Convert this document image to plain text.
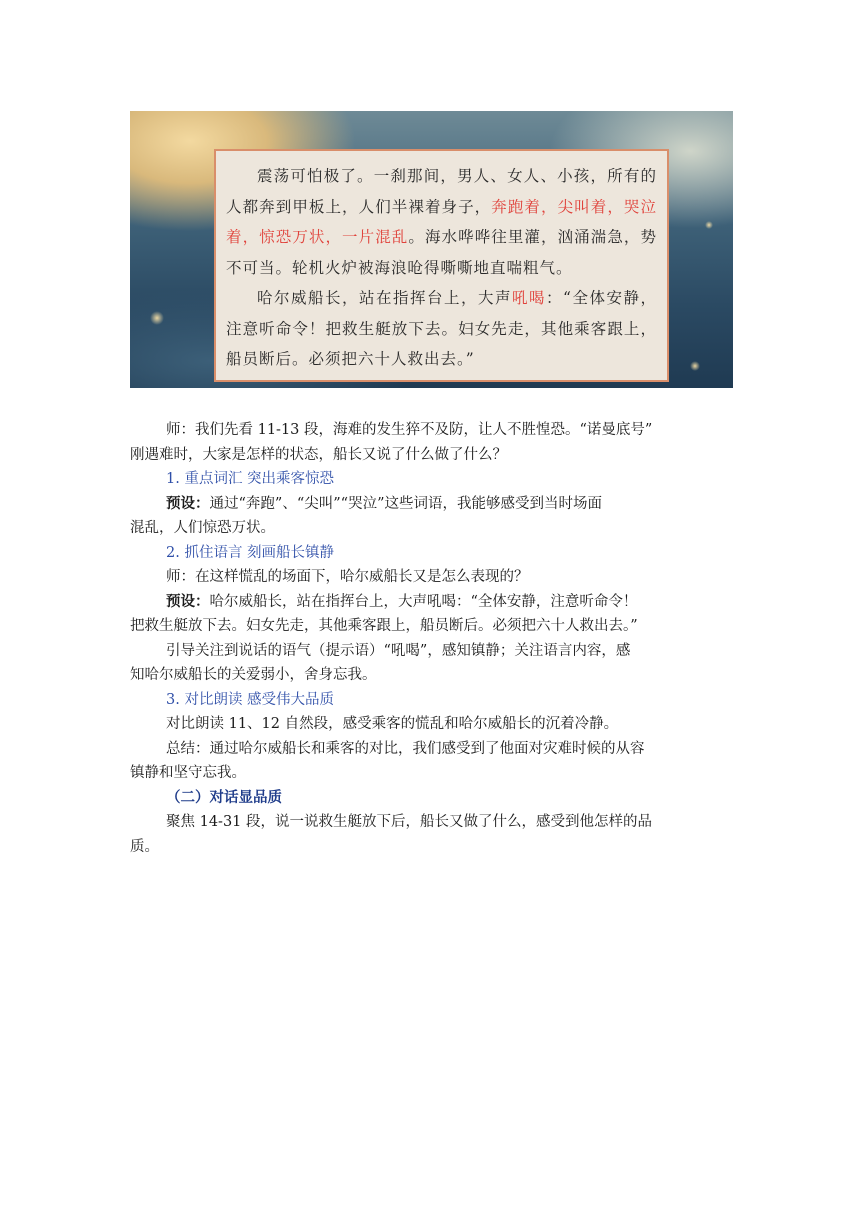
震荡可怕极了。一刹那间，男人、女人、小孩，所有的人都奔到甲板上，人们半裸着身子，奔跑着，尖叫着，哭泣着，惊恐万状，一片混乱。海水哗哗往里灌，汹涌湍急，势不可当。轮机火炉被海浪呛得嘶嘶地直喘粗气。

哈尔威船长，站在指挥台上，大声吼喝：“全体安静，注意听命令！把救生艇放下去。妇女先走，其他乘客跟上，船员断后。必须把六十人救出去。”

师：我们先看 11-13 段，海难的发生猝不及防，让人不胜惶恐。“诺曼底号”

刚遇难时，大家是怎样的状态，船长又说了什么做了什么？

1. 重点词汇 突出乘客惊恐

预设：通过“奔跑”、“尖叫”“哭泣”这些词语，我能够感受到当时场面

混乱，人们惊恐万状。

2. 抓住语言 刻画船长镇静

师：在这样慌乱的场面下，哈尔威船长又是怎么表现的？

预设：哈尔威船长，站在指挥台上，大声吼喝：“全体安静，注意听命令！

把救生艇放下去。妇女先走，其他乘客跟上，船员断后。必须把六十人救出去。”

引导关注到说话的语气（提示语）“吼喝”，感知镇静；关注语言内容，感

知哈尔威船长的关爱弱小，舍身忘我。

3. 对比朗读 感受伟大品质

对比朗读 11、12 自然段，感受乘客的慌乱和哈尔威船长的沉着冷静。

总结：通过哈尔威船长和乘客的对比，我们感受到了他面对灾难时候的从容

镇静和坚守忘我。

（二）对话显品质

聚焦 14-31 段，说一说救生艇放下后，船长又做了什么，感受到他怎样的品

质。
